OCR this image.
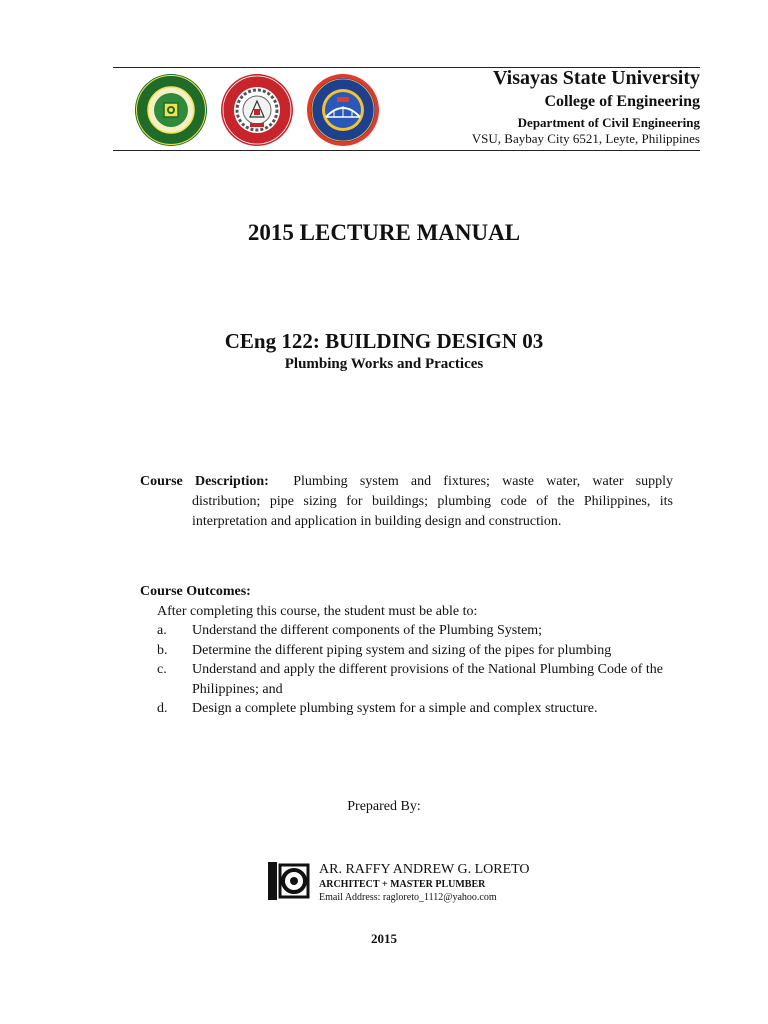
Visayas State University
College of Engineering
Department of Civil Engineering
VSU, Baybay City 6521, Leyte, Philippines
2015 LECTURE MANUAL
CEng 122: BUILDING DESIGN 03
Plumbing Works and Practices
Course Description: Plumbing system and fixtures; waste water, water supply
distribution; pipe sizing for buildings; plumbing code of the Philippines, its
interpretation and application in building design and construction.
Course Outcomes:
After completing this course, the student must be able to:
a. Understand the different components of the Plumbing System;
b. Determine the different piping system and sizing of the pipes for plumbing
c. Understand and apply the different provisions of the National Plumbing Code of the Philippines; and
d. Design a complete plumbing system for a simple and complex structure.
Prepared By:
AR. RAFFY ANDREW G. LORETO
ARCHITECT + MASTER PLUMBER
Email Address: ragloreto_1112@yahoo.com
2015
